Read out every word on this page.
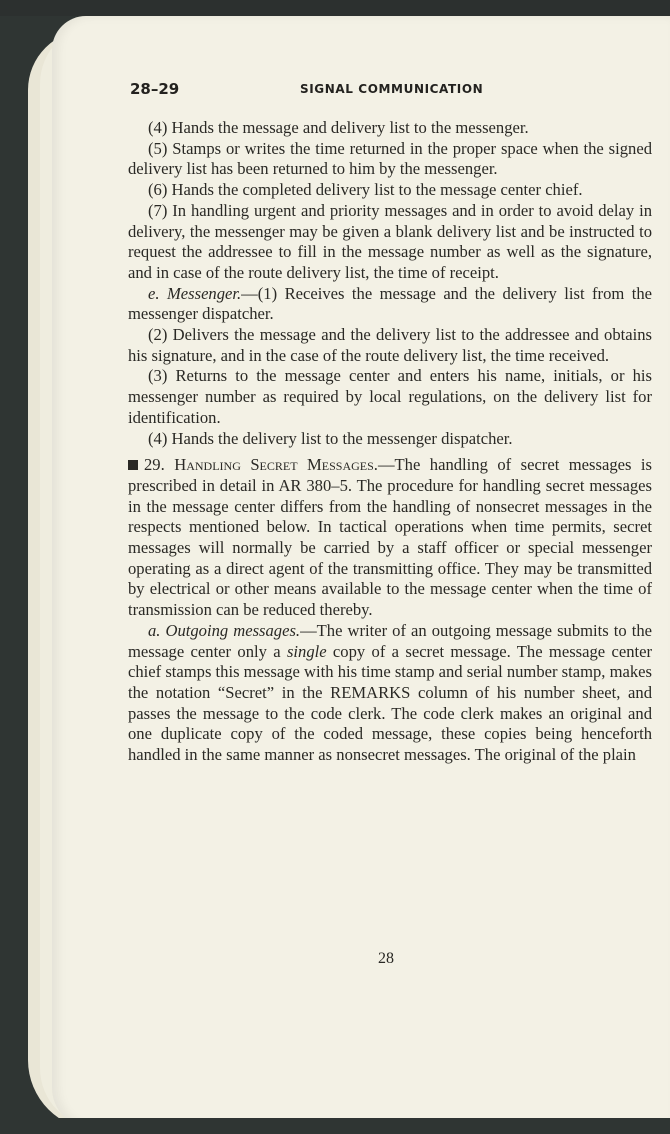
28–29	SIGNAL COMMUNICATION

(4) Hands the message and delivery list to the messenger.

(5) Stamps or writes the time returned in the proper space when the signed delivery list has been returned to him by the messenger.

(6) Hands the completed delivery list to the message center chief.

(7) In handling urgent and priority messages and in order to avoid delay in delivery, the messenger may be given a blank delivery list and be instructed to request the addressee to fill in the message number as well as the signature, and in case of the route delivery list, the time of receipt.

e. Messenger.—(1) Receives the message and the delivery list from the messenger dispatcher.

(2) Delivers the message and the delivery list to the addressee and obtains his signature, and in the case of the route delivery list, the time received.

(3) Returns to the message center and enters his name, initials, or his messenger number as required by local regulations, on the delivery list for identification.

(4) Hands the delivery list to the messenger dispatcher.

29. Handling Secret Messages.—The handling of secret messages is prescribed in detail in AR 380–5. The procedure for handling secret messages in the message center differs from the handling of nonsecret messages in the respects mentioned below. In tactical operations when time permits, secret messages will normally be carried by a staff officer or special messenger operating as a direct agent of the transmitting office. They may be transmitted by electrical or other means available to the message center when the time of transmission can be reduced thereby.

a. Outgoing messages.—The writer of an outgoing message submits to the message center only a single copy of a secret message. The message center chief stamps this message with his time stamp and serial number stamp, makes the notation “Secret” in the REMARKS column of his number sheet, and passes the message to the code clerk. The code clerk makes an original and one duplicate copy of the coded message, these copies being henceforth handled in the same manner as nonsecret messages. The original of the plain

28
